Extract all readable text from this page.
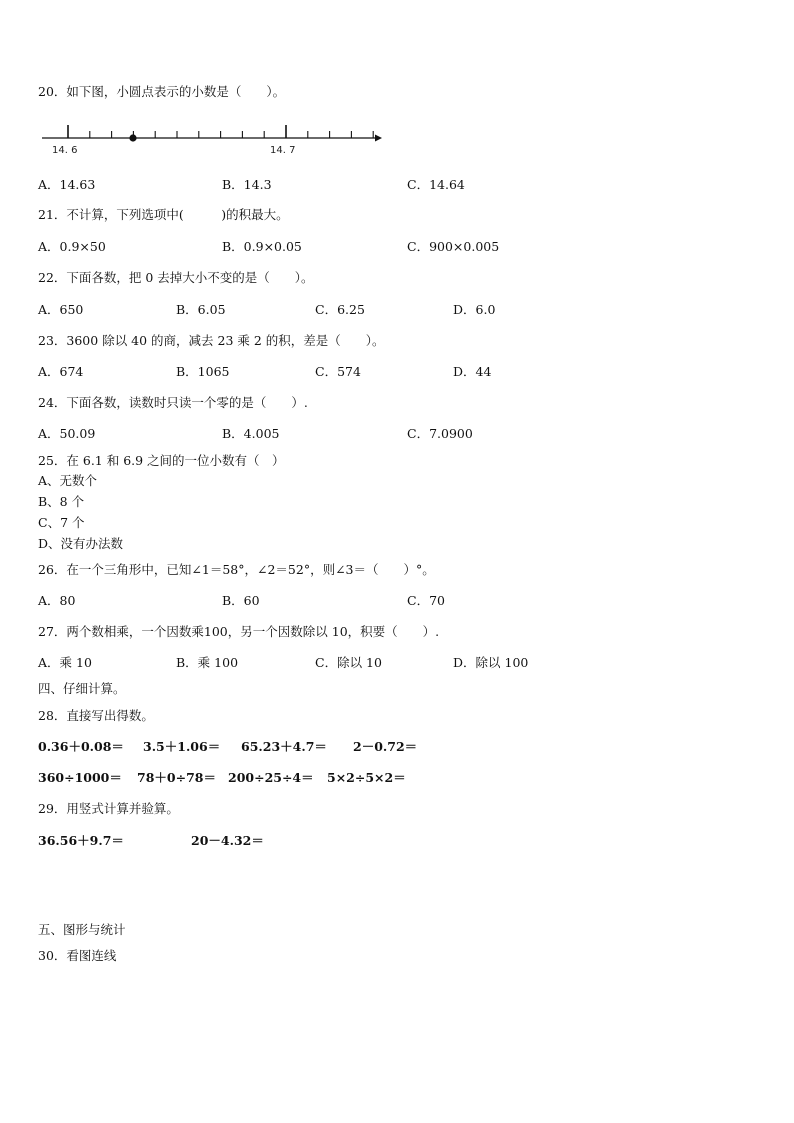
20．如下图，小圆点表示的小数是（　　）。
14. 6	14. 7
A．14.63	B．14.3	C．14.64
21．不计算，下列选项中(　　　)的积最大。
A．0.9×50	B．0.9×0.05	C．900×0.005
22．下面各数，把 0 去掉大小不变的是（　　）。
A．650	B．6.05	C．6.25	D．6.0
23．3600 除以 40 的商，减去 23 乘 2 的积，差是（　　）。
A．674	B．1065	C．574	D．44
24．下面各数，读数时只读一个零的是（　　）.
A．50.09	B．4.005	C．7.0900
25．在 6.1 和 6.9 之间的一位小数有（　）
A、无数个
B、8 个
C、7 个
D、没有办法数
26．在一个三角形中，已知∠1＝58°，∠2＝52°，则∠3＝（　　）°。
A．80	B．60	C．70
27．两个数相乘，一个因数乘100，另一个因数除以 10，积要（　　）.
A．乘 10	B．乘 100	C．除以 10	D．除以 100
四、仔细计算。
28．直接写出得数。
0.36＋0.08＝ 3.5＋1.06＝ 65.23＋4.7＝ 2－0.72＝
360÷1000＝ 78＋0÷78＝ 200÷25÷4＝ 5×2÷5×2＝
29．用竖式计算并验算。
36.56＋9.7＝	20－4.32＝
五、图形与统计
30．看图连线
